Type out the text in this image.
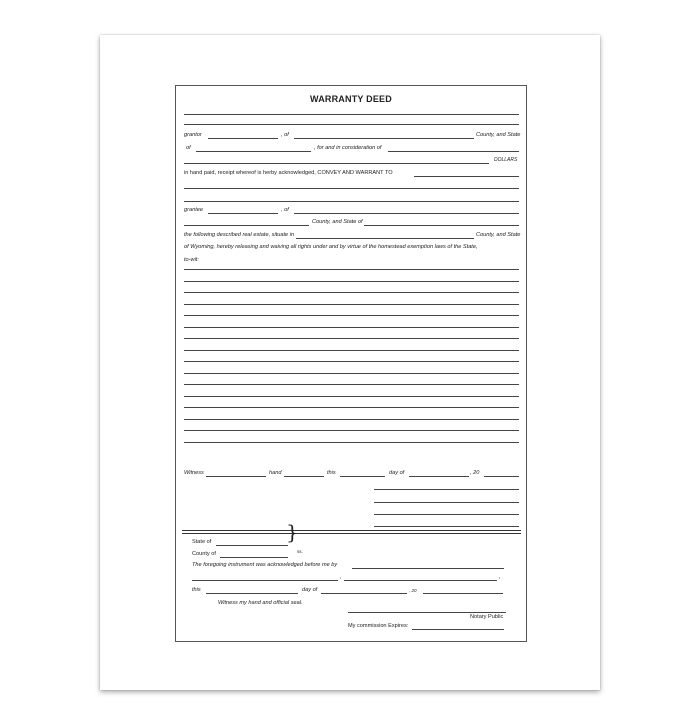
WARRANTY DEED
grantor	, of	County, and State
of	, for and in consideration of
DOLLARS
in hand paid, receipt whereof is herby acknowledged, CONVEY AND WARRANT TO
grantee	, of
County, and State of
the following described real estate, situate in	County, and State
of Wyoming, hereby releasing and waiving all rights under and by virtue of the homestead exemption laws of the State,
to-wit:
Witness	hand	this	day of	, 20
State of	}
County of	ss.
The foregoing instrument was acknowledged before me by
,	,
this	day of	, 20
Witness my hand and official seal.
Notary Public
My commission Expires:
